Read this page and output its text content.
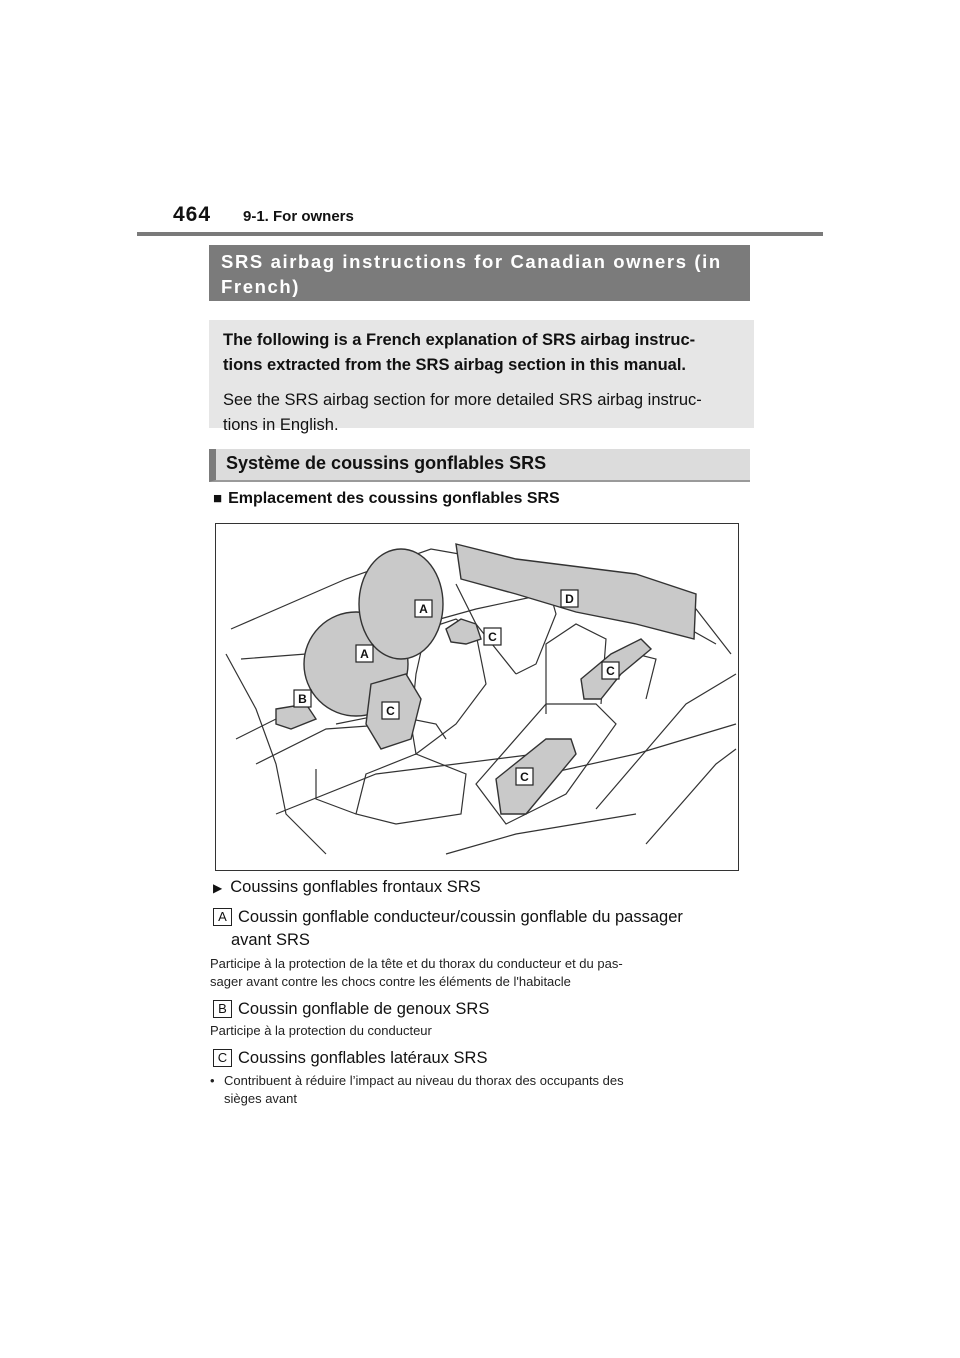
464 9-1. For owners
SRS airbag instructions for Canadian owners (in
French)

The following is a French explanation of SRS airbag instruc-

tions extracted from the SRS airbag section in this manual.

See the SRS airbag section for more detailed SRS airbag instruc-

tions in English.

Système de coussins gonflables SRS
■ Emplacement des coussins gonflables SRS
A
A
B
C
C
C
C
D
▶ Coussins gonflables frontaux SRS
A Coussin gonflable conducteur/coussin gonflable du passager
avant SRS
Participe à la protection de la tête et du thorax du conducteur et du pas-
sager avant contre les chocs contre les éléments de l'habitacle
B Coussin gonflable de genoux SRS
Participe à la protection du conducteur
C Coussins gonflables latéraux SRS
• Contribuent à réduire l’impact au niveau du thorax des occupants des
sièges avant
